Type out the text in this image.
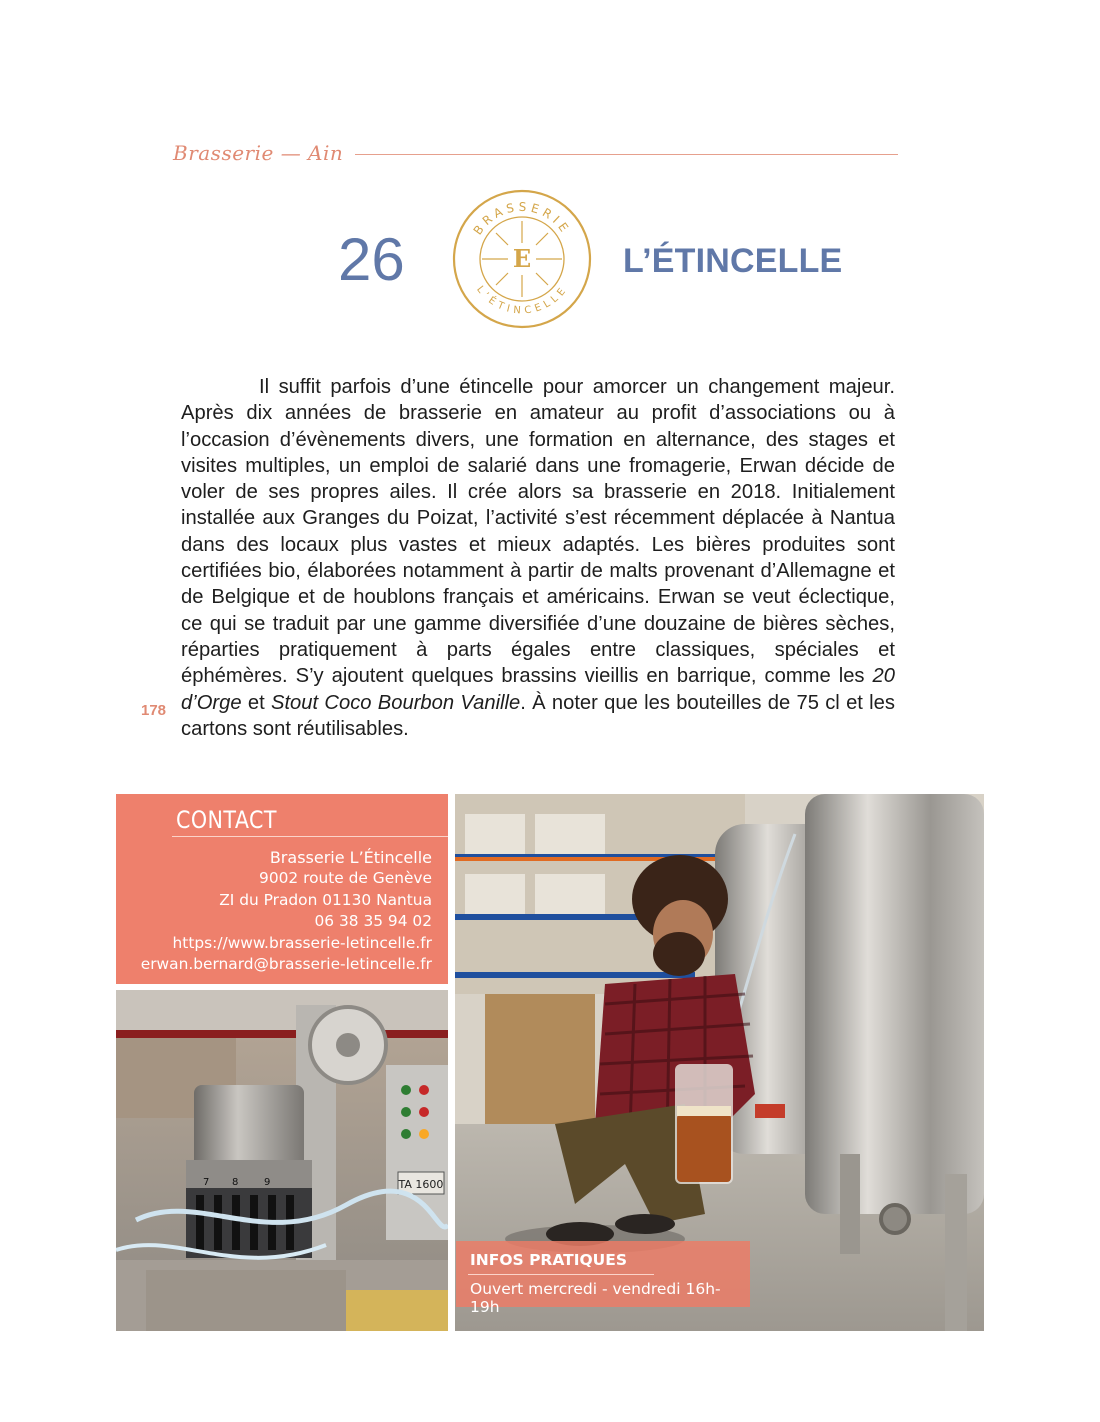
Brasserie — Ain
26	BRASSERIE
L’ÉTINCELLE
E	L’ÉTINCELLE

Il suffit parfois d’une étincelle pour amorcer un changement majeur. Après dix années de brasserie en amateur au profit d’associations ou à l’occasion d’évènements divers, une formation en alternance, des stages et visites multiples, un emploi de salarié dans une fromagerie, Erwan décide de voler de ses propres ailes. Il crée alors sa brasserie en 2018. Initialement installée aux Granges du Poizat, l’activité s’est récemment déplacée à Nantua dans des locaux plus vastes et mieux adaptés. Les bières produites sont certifiées bio, élaborées notamment à partir de malts provenant d’Allemagne et de Belgique et de houblons français et américains. Erwan se veut éclectique, ce qui se traduit par une gamme diversifiée d’une douzaine de bières sèches, réparties pratiquement à parts égales entre classiques, spéciales et éphémères. S’y ajoutent quelques brassins vieillis en barrique, comme les 20 d’Orge et Stout Coco Bourbon Vanille. À noter que les bouteilles de 75 cl et les cartons sont réutilisables.

178
CONTACT
Brasserie L’Étincelle
9002 route de Genève
ZI du Pradon 01130 Nantua
06 38 35 94 02
https://www.brasserie-letincelle.fr
erwan.bernard@brasserie-letincelle.fr
TA 1600
7 8	9
INFOS PRATIQUES
Ouvert mercredi - vendredi 16h-19h
